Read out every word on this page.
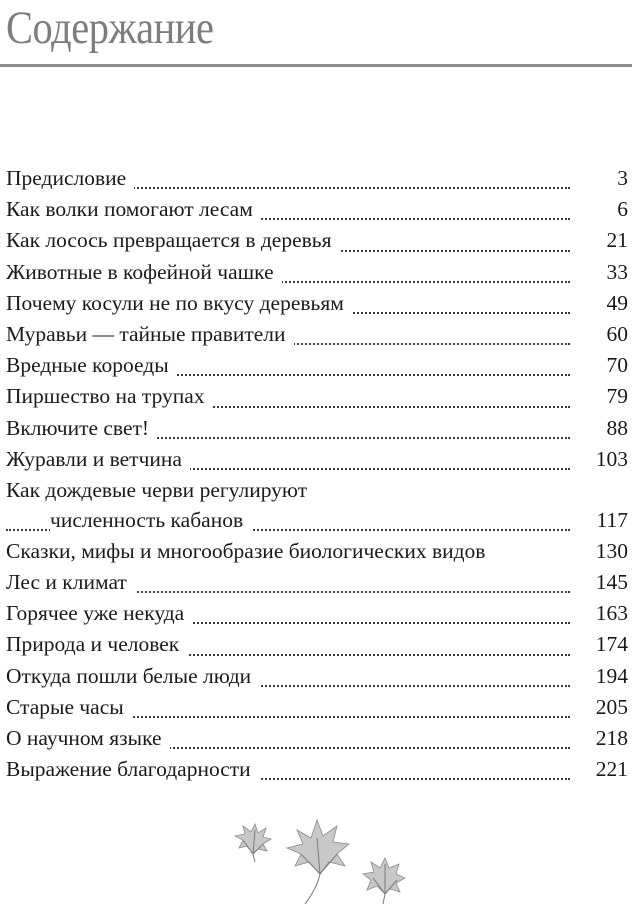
Содержание
Предисловие	3
Как волки помогают лесам	6
Как лосось превращается в деревья	21
Животные в кофейной чашке	33
Почему косули не по вкусу деревьям	49
Муравьи — тайные правители	60
Вредные короеды	70
Пиршество на трупах	79
Включите свет!	88
Журавли и ветчина	103
Как дождевые черви регулируют
численность кабанов	117
Сказки, мифы и многообразие биологических видов	130
Лес и климат	145
Горячее уже некуда	163
Природа и человек	174
Откуда пошли белые люди	194
Старые часы	205
О научном языке	218
Выражение благодарности	221
